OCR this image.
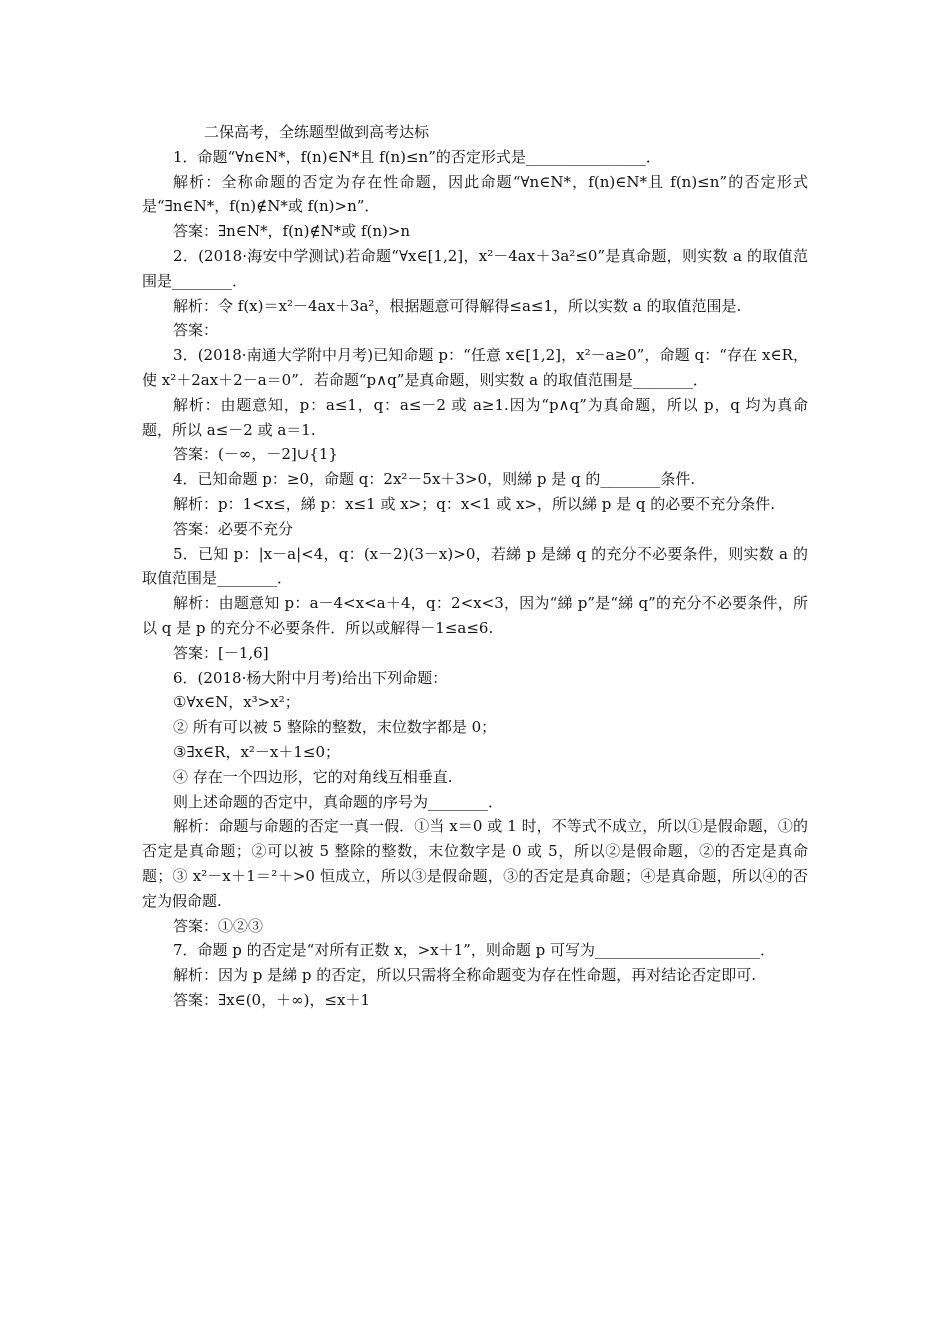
二保高考，全练题型做到高考达标
1．命题“∀n∈N*，f(n)∈N*且 f(n)≤n”的否定形式是________________．
解析：全称命题的否定为存在性命题，因此命题“∀n∈N*，f(n)∈N*且 f(n)≤n”的否定形式是“∃n∈N*，f(n)∉N*或 f(n)>n”．
答案：∃n∈N*，f(n)∉N*或 f(n)>n
2．(2018·海安中学测试)若命题“∀x∈[1,2]，x²－4ax＋3a²≤0”是真命题，则实数 a 的取值范围是________．
解析：令 f(x)＝x²－4ax＋3a²，根据题意可得解得≤a≤1，所以实数 a 的取值范围是.
答案：
3．(2018·南通大学附中月考)已知命题 p：“任意 x∈[1,2]，x²－a≥0”，命题 q：“存在 x∈R，使 x²＋2ax＋2－a＝0”．若命题“p∧q”是真命题，则实数 a 的取值范围是________．
解析：由题意知，p：a≤1，q：a≤－2 或 a≥1.因为“p∧q”为真命题，所以 p，q 均为真命题，所以 a≤－2 或 a＝1.
答案：(－∞，－2]∪{1}
4．已知命题 p：≥0，命题 q：2x²－5x＋3>0，则綈 p 是 q 的________条件.
解析：p：1<x≤，綈 p：x≤1 或 x>；q：x<1 或 x>，所以綈 p 是 q 的必要不充分条件.
答案：必要不充分
5．已知 p：|x－a|<4，q：(x－2)(3－x)>0，若綈 p 是綈 q 的充分不必要条件，则实数 a 的取值范围是________．
解析：由题意知 p：a－4<x<a＋4，q：2<x<3，因为“綈 p”是“綈 q”的充分不必要条件，所以 q 是 p 的充分不必要条件．所以或解得－1≤a≤6.
答案：[－1,6]
6．(2018·杨大附中月考)给出下列命题：
①∀x∈N，x³>x²；
② 所有可以被 5 整除的整数，末位数字都是 0；
③∃x∈R，x²－x＋1≤0；
④ 存在一个四边形，它的对角线互相垂直.
则上述命题的否定中，真命题的序号为________．
解析：命题与命题的否定一真一假．①当 x＝0 或 1 时，不等式不成立，所以①是假命题，①的否定是真命题；②可以被 5 整除的整数，末位数字是 0 或 5，所以②是假命题，②的否定是真命题；③ x²－x＋1＝²＋>0 恒成立，所以③是假命题，③的否定是真命题；④是真命题，所以④的否定为假命题.
答案：①②③
7．命题 p 的否定是“对所有正数 x，>x＋1”，则命题 p 可写为______________________．
解析：因为 p 是綈 p 的否定，所以只需将全称命题变为存在性命题，再对结论否定即可.
答案：∃x∈(0，＋∞)，≤x＋1
